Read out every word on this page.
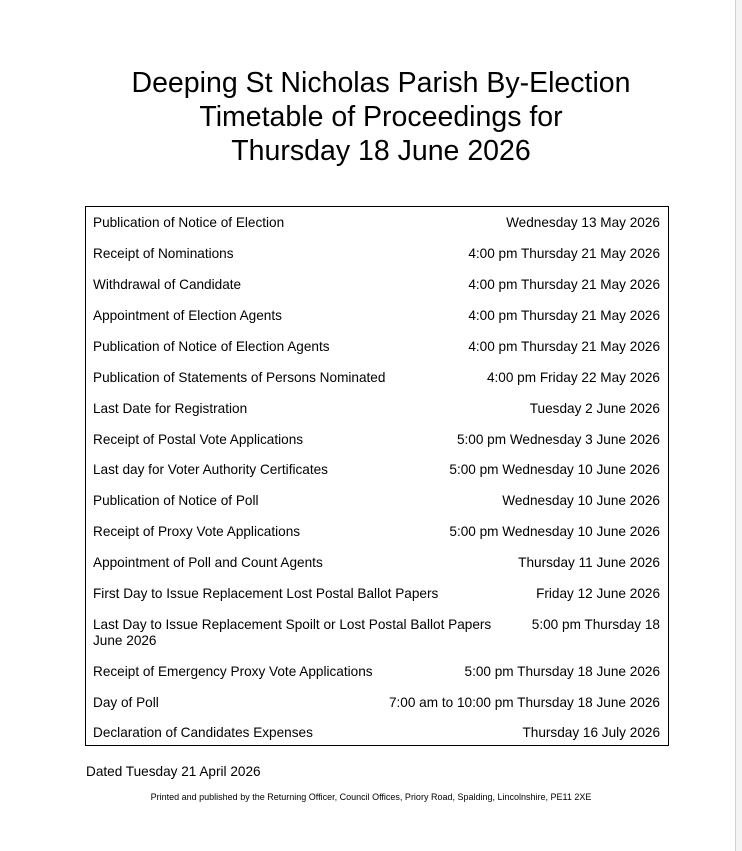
Deeping St Nicholas Parish By-Election
Timetable of Proceedings for
Thursday 18 June 2026
Publication of Notice of Election	Wednesday 13 May 2026
Receipt of Nominations	4:00 pm Thursday 21 May 2026
Withdrawal of Candidate	4:00 pm Thursday 21 May 2026
Appointment of Election Agents	4:00 pm Thursday 21 May 2026
Publication of Notice of Election Agents	4:00 pm Thursday 21 May 2026
Publication of Statements of Persons Nominated	4:00 pm Friday 22 May 2026
Last Date for Registration	Tuesday 2 June 2026
Receipt of Postal Vote Applications	5:00 pm Wednesday 3 June 2026
Last day for Voter Authority Certificates	5:00 pm Wednesday 10 June 2026
Publication of Notice of Poll	Wednesday 10 June 2026
Receipt of Proxy Vote Applications	5:00 pm Wednesday 10 June 2026
Appointment of Poll and Count Agents	Thursday 11 June 2026
First Day to Issue Replacement Lost Postal Ballot Papers	Friday 12 June 2026
Last Day to Issue Replacement Spoilt or Lost Postal Ballot Papers	5:00 pm Thursday 18
June 2026
Receipt of Emergency Proxy Vote Applications	5:00 pm Thursday 18 June 2026
Day of Poll	7:00 am to 10:00 pm Thursday 18 June 2026
Declaration of Candidates Expenses	Thursday 16 July 2026
Dated Tuesday 21 April 2026
Printed and published by the Returning Officer, Council Offices, Priory Road, Spalding, Lincolnshire, PE11 2XE
